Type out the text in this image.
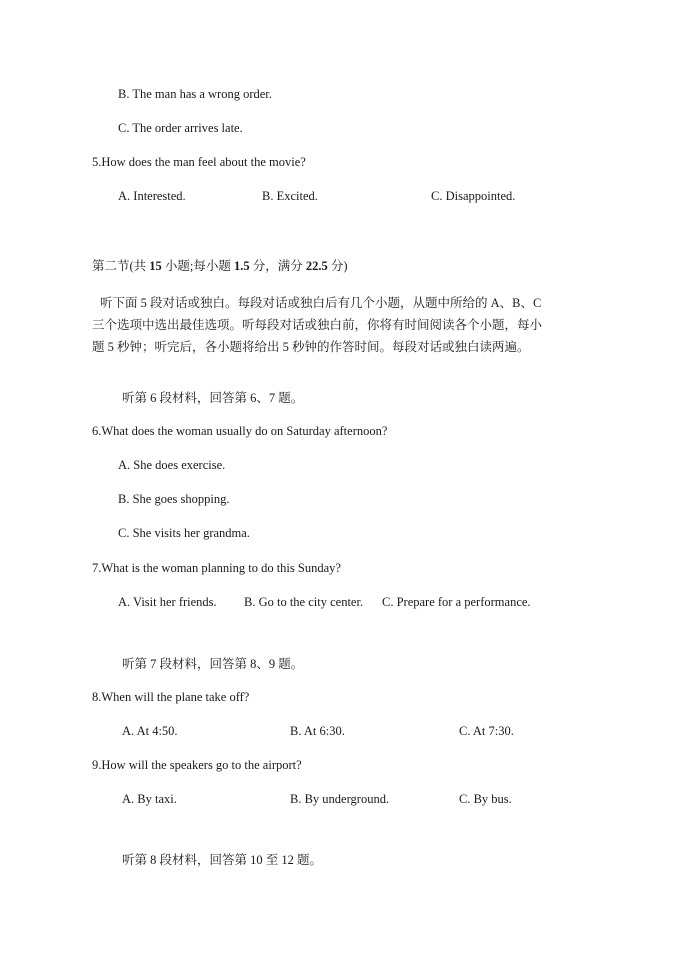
B. The man has a wrong order.
C. The order arrives late.
5.How does the man feel about the movie?
A. Interested.	B. Excited.	C. Disappointed.
第二节(共 15 小题;每小题 1.5 分，满分 22.5 分)

听下面 5 段对话或独白。每段对话或独白后有几个小题，从题中所给的 A、B、C

三个选项中选出最佳选项。听每段对话或独白前，你将有时间阅读各个小题，每小

题 5 秒钟；听完后，各小题将给出 5 秒钟的作答时间。每段对话或独白读两遍。

听第 6 段材料，回答第 6、7 题。
6.What does the woman usually do on Saturday afternoon?
A. She does exercise.
B. She goes shopping.
C. She visits her grandma.
7.What is the woman planning to do this Sunday?
A. Visit her friends. B. Go to the city center. C. Prepare for a performance.
听第 7 段材料，回答第 8、9 题。
8.When will the plane take off?
A. At 4:50.	B. At 6:30.	C. At 7:30.
9.How will the speakers go to the airport?
A. By taxi.	B. By underground.	C. By bus.
听第 8 段材料，回答第 10 至 12 题。
